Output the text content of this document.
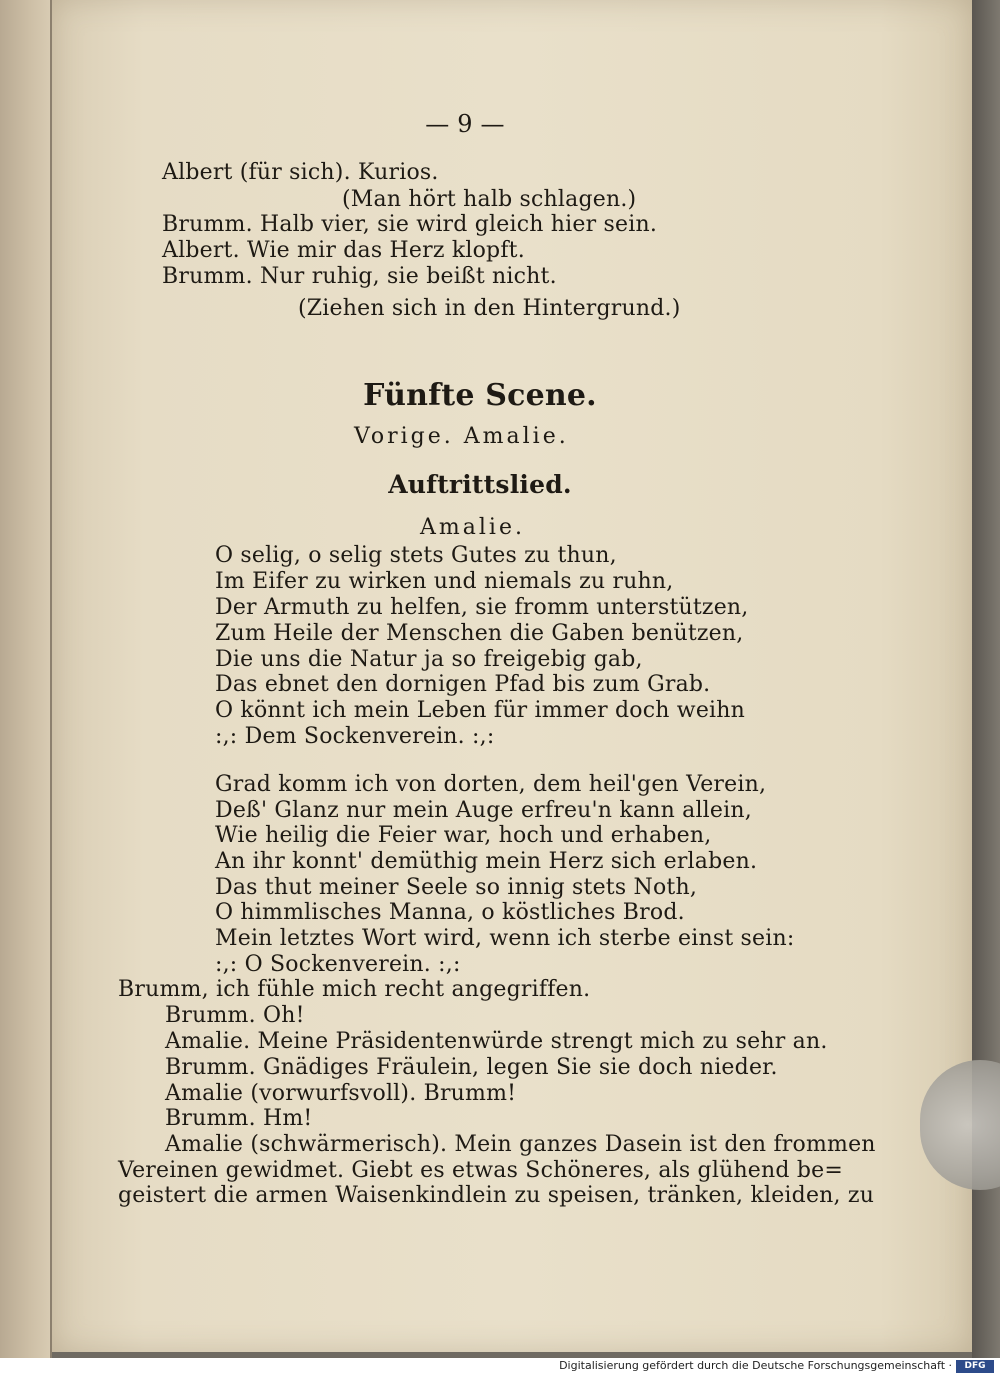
— 9 —
Albert (für sich). Kurios.
(Man hört halb schlagen.)
Brumm. Halb vier, sie wird gleich hier sein.
Albert. Wie mir das Herz klopft.
Brumm. Nur ruhig, sie beißt nicht.
(Ziehen sich in den Hintergrund.)
Fünfte Scene.
Vorige. Amalie.
Auftrittslied.
Amalie.
O selig, o selig stets Gutes zu thun,
Im Eifer zu wirken und niemals zu ruhn,
Der Armuth zu helfen, sie fromm unterstützen,
Zum Heile der Menschen die Gaben benützen,
Die uns die Natur ja so freigebig gab,
Das ebnet den dornigen Pfad bis zum Grab.
O könnt ich mein Leben für immer doch weihn
:,: Dem Sockenverein. :,:
Grad komm ich von dorten, dem heil'gen Verein,
Deß' Glanz nur mein Auge erfreu'n kann allein,
Wie heilig die Feier war, hoch und erhaben,
An ihr konnt' demüthig mein Herz sich erlaben.
Das thut meiner Seele so innig stets Noth,
O himmlisches Manna, o köstliches Brod.
Mein letztes Wort wird, wenn ich sterbe einst sein:
:,: O Sockenverein. :,:
Brumm, ich fühle mich recht angegriffen.
Brumm. Oh!
Amalie. Meine Präsidentenwürde strengt mich zu sehr an.
Brumm. Gnädiges Fräulein, legen Sie sie doch nieder.
Amalie (vorwurfsvoll). Brumm!
Brumm. Hm!
Amalie (schwärmerisch). Mein ganzes Dasein ist den frommen
Vereinen gewidmet. Giebt es etwas Schöneres, als glühend be=
geistert die armen Waisenkindlein zu speisen, tränken, kleiden, zu
Digitalisierung gefördert durch die Deutsche Forschungsgemeinschaft ·	DFG
